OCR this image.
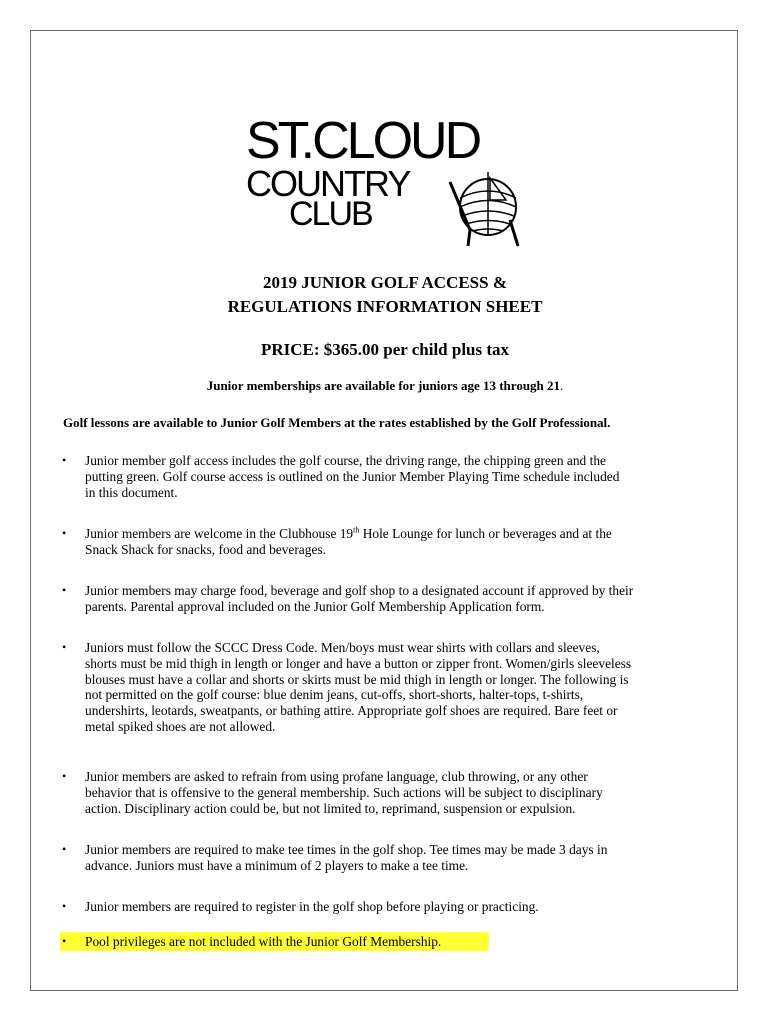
ST.CLOUD
COUNTRY
CLUB
2019 JUNIOR GOLF ACCESS &
REGULATIONS INFORMATION SHEET
PRICE: $365.00 per child plus tax
Junior memberships are available for juniors age 13 through 21.
Golf lessons are available to Junior Golf Members at the rates established by the Golf Professional.
•	Junior member golf access includes the golf course, the driving range, the chipping green and the
putting green. Golf course access is outlined on the Junior Member Playing Time schedule included
in this document.
•	Junior members are welcome in the Clubhouse 19th Hole Lounge for lunch or beverages and at the
Snack Shack for snacks, food and beverages.
•	Junior members may charge food, beverage and golf shop to a designated account if approved by their
parents. Parental approval included on the Junior Golf Membership Application form.
•	Juniors must follow the SCCC Dress Code. Men/boys must wear shirts with collars and sleeves,
shorts must be mid thigh in length or longer and have a button or zipper front. Women/girls sleeveless
blouses must have a collar and shorts or skirts must be mid thigh in length or longer. The following is
not permitted on the golf course: blue denim jeans, cut-offs, short-shorts, halter-tops, t-shirts,
undershirts, leotards, sweatpants, or bathing attire. Appropriate golf shoes are required. Bare feet or
metal spiked shoes are not allowed.
•	Junior members are asked to refrain from using profane language, club throwing, or any other
behavior that is offensive to the general membership. Such actions will be subject to disciplinary
action. Disciplinary action could be, but not limited to, reprimand, suspension or expulsion.
•	Junior members are required to make tee times in the golf shop. Tee times may be made 3 days in
advance. Juniors must have a minimum of 2 players to make a tee time.
•	Junior members are required to register in the golf shop before playing or practicing.
•	Pool privileges are not included with the Junior Golf Membership.
